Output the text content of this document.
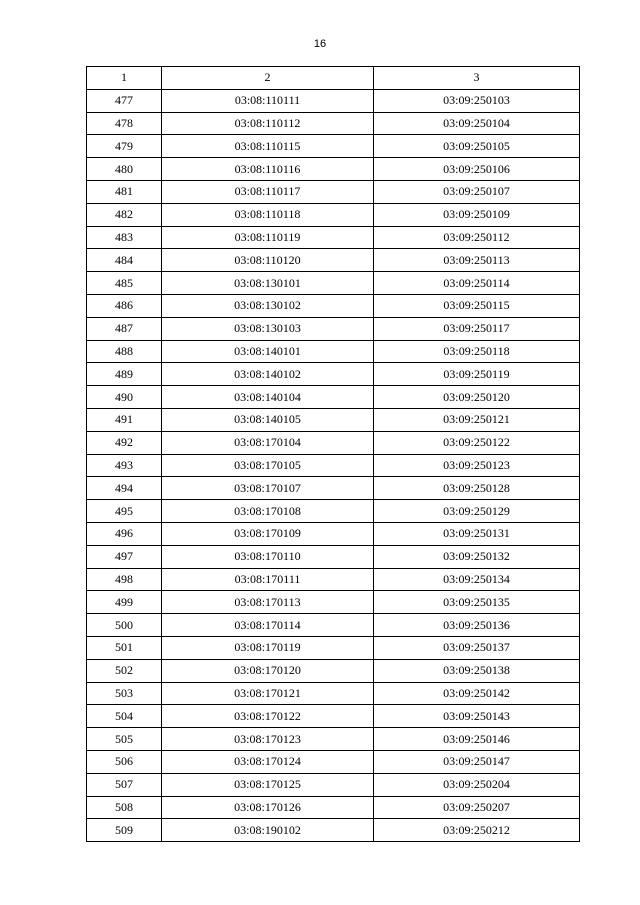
16
1	2	3
477	03:08:110111	03:09:250103
478	03:08:110112	03:09:250104
479	03:08:110115	03:09:250105
480	03:08:110116	03:09:250106
481	03:08:110117	03:09:250107
482	03:08:110118	03:09:250109
483	03:08:110119	03:09:250112
484	03:08:110120	03:09:250113
485	03:08:130101	03:09:250114
486	03:08:130102	03:09:250115
487	03:08:130103	03:09:250117
488	03:08:140101	03:09:250118
489	03:08:140102	03:09:250119
490	03:08:140104	03:09:250120
491	03:08:140105	03:09:250121
492	03:08:170104	03:09:250122
493	03:08:170105	03:09:250123
494	03:08:170107	03:09:250128
495	03:08:170108	03:09:250129
496	03:08:170109	03:09:250131
497	03:08:170110	03:09:250132
498	03:08:170111	03:09:250134
499	03:08:170113	03:09:250135
500	03:08:170114	03:09:250136
501	03:08:170119	03:09:250137
502	03:08:170120	03:09:250138
503	03:08:170121	03:09:250142
504	03:08:170122	03:09:250143
505	03:08:170123	03:09:250146
506	03:08:170124	03:09:250147
507	03:08:170125	03:09:250204
508	03:08:170126	03:09:250207
509	03:08:190102	03:09:250212
